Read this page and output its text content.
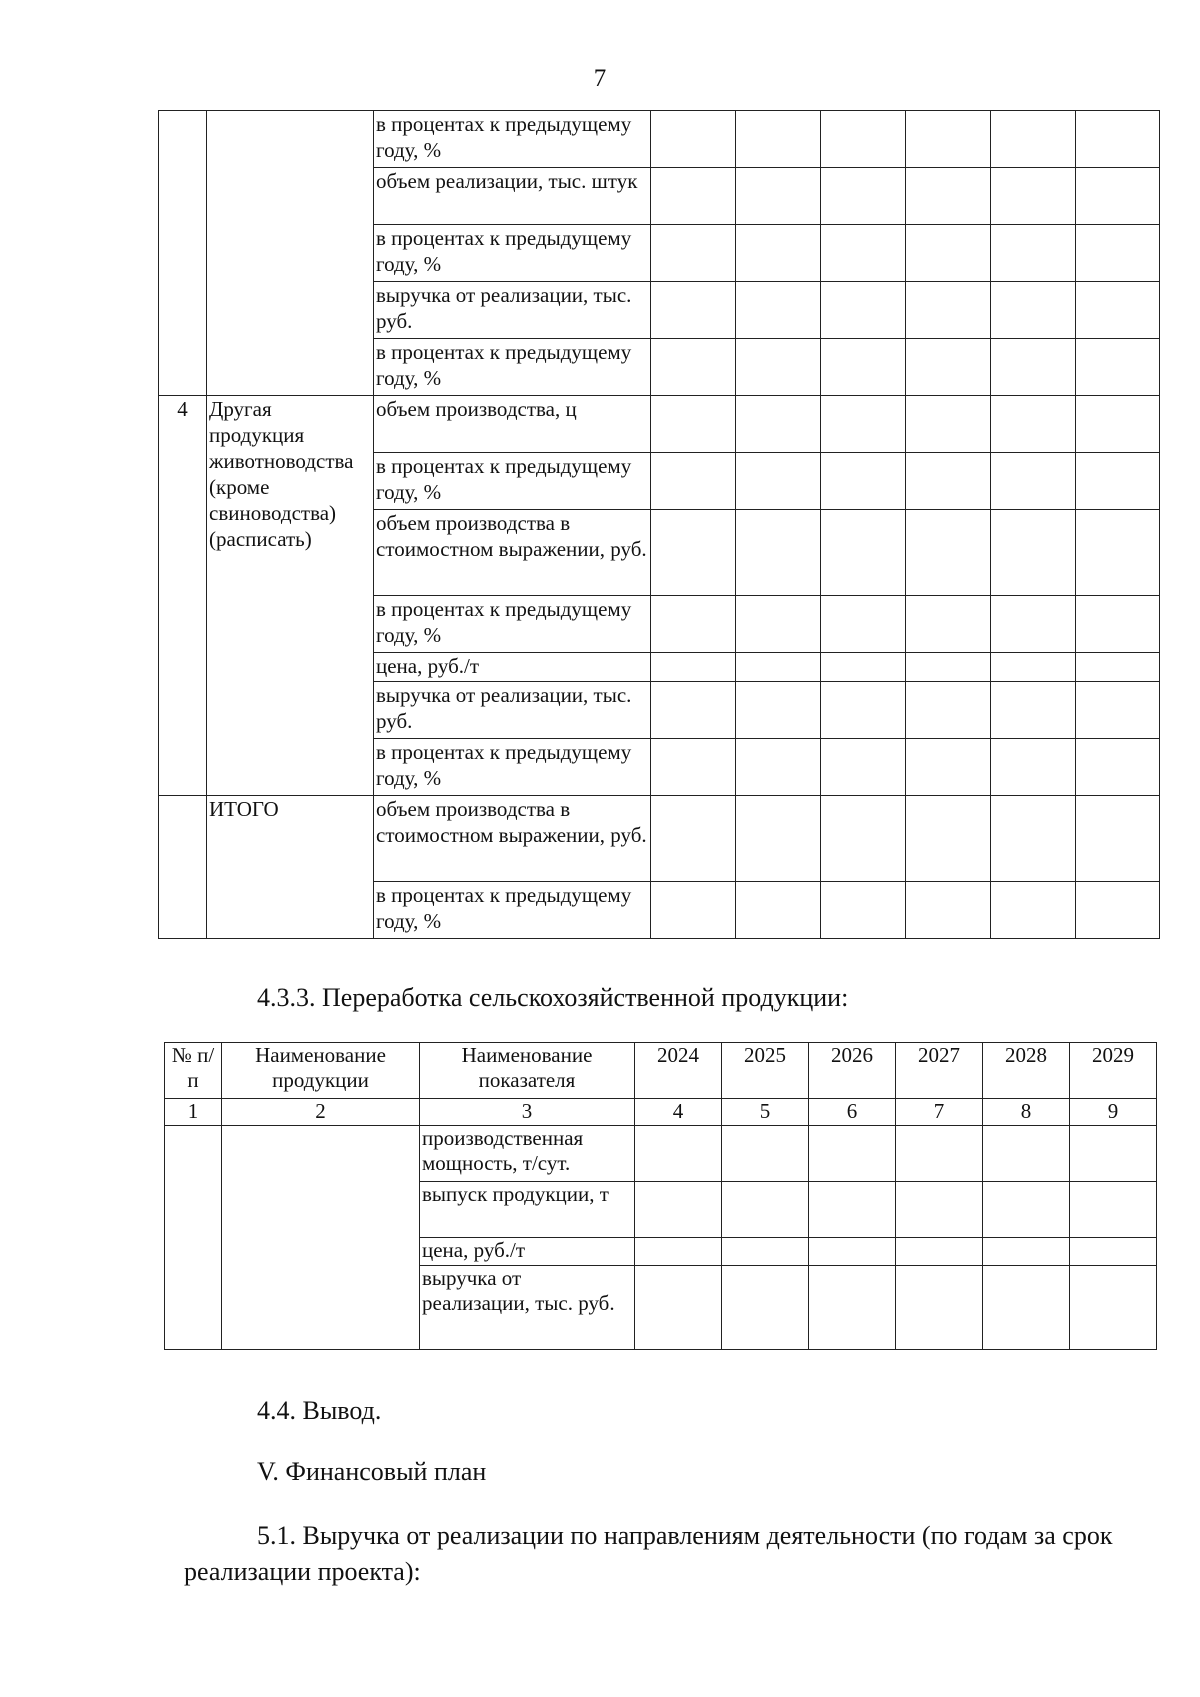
7
		в процентах к предыдущему году, %						
		объем реализации, тыс. штук						
		в процентах к предыдущему году, %						
		выручка от реализации, тыс. руб.						
		в процентах к предыдущему году, %						
4	Другая продукция животноводства (кроме свиноводства) (расписать)	объем производства, ц						
		в процентах к предыдущему году, %						
		объем производства в стоимостном выражении, руб.						
		в процентах к предыдущему году, %						
		цена, руб./т						
		выручка от реализации, тыс. руб.						
		в процентах к предыдущему году, %						
	ИТОГО	объем производства в стоимостном выражении, руб.						
		в процентах к предыдущему году, %						

4.3.3. Переработка сельскохозяйственной продукции:

№ п/п	Наименование продукции	Наименование показателя	2024	2025	2026	2027	2028	2029
1	2	3	4	5	6	7	8	9
		производственная мощность, т/сут.						
		выпуск продукции, т						
		цена, руб./т						
		выручка от реализации, тыс. руб.						

4.4. Вывод.

V. Финансовый план

5.1. Выручка от реализации по направлениям деятельности (по годам за срок реализации проекта):
